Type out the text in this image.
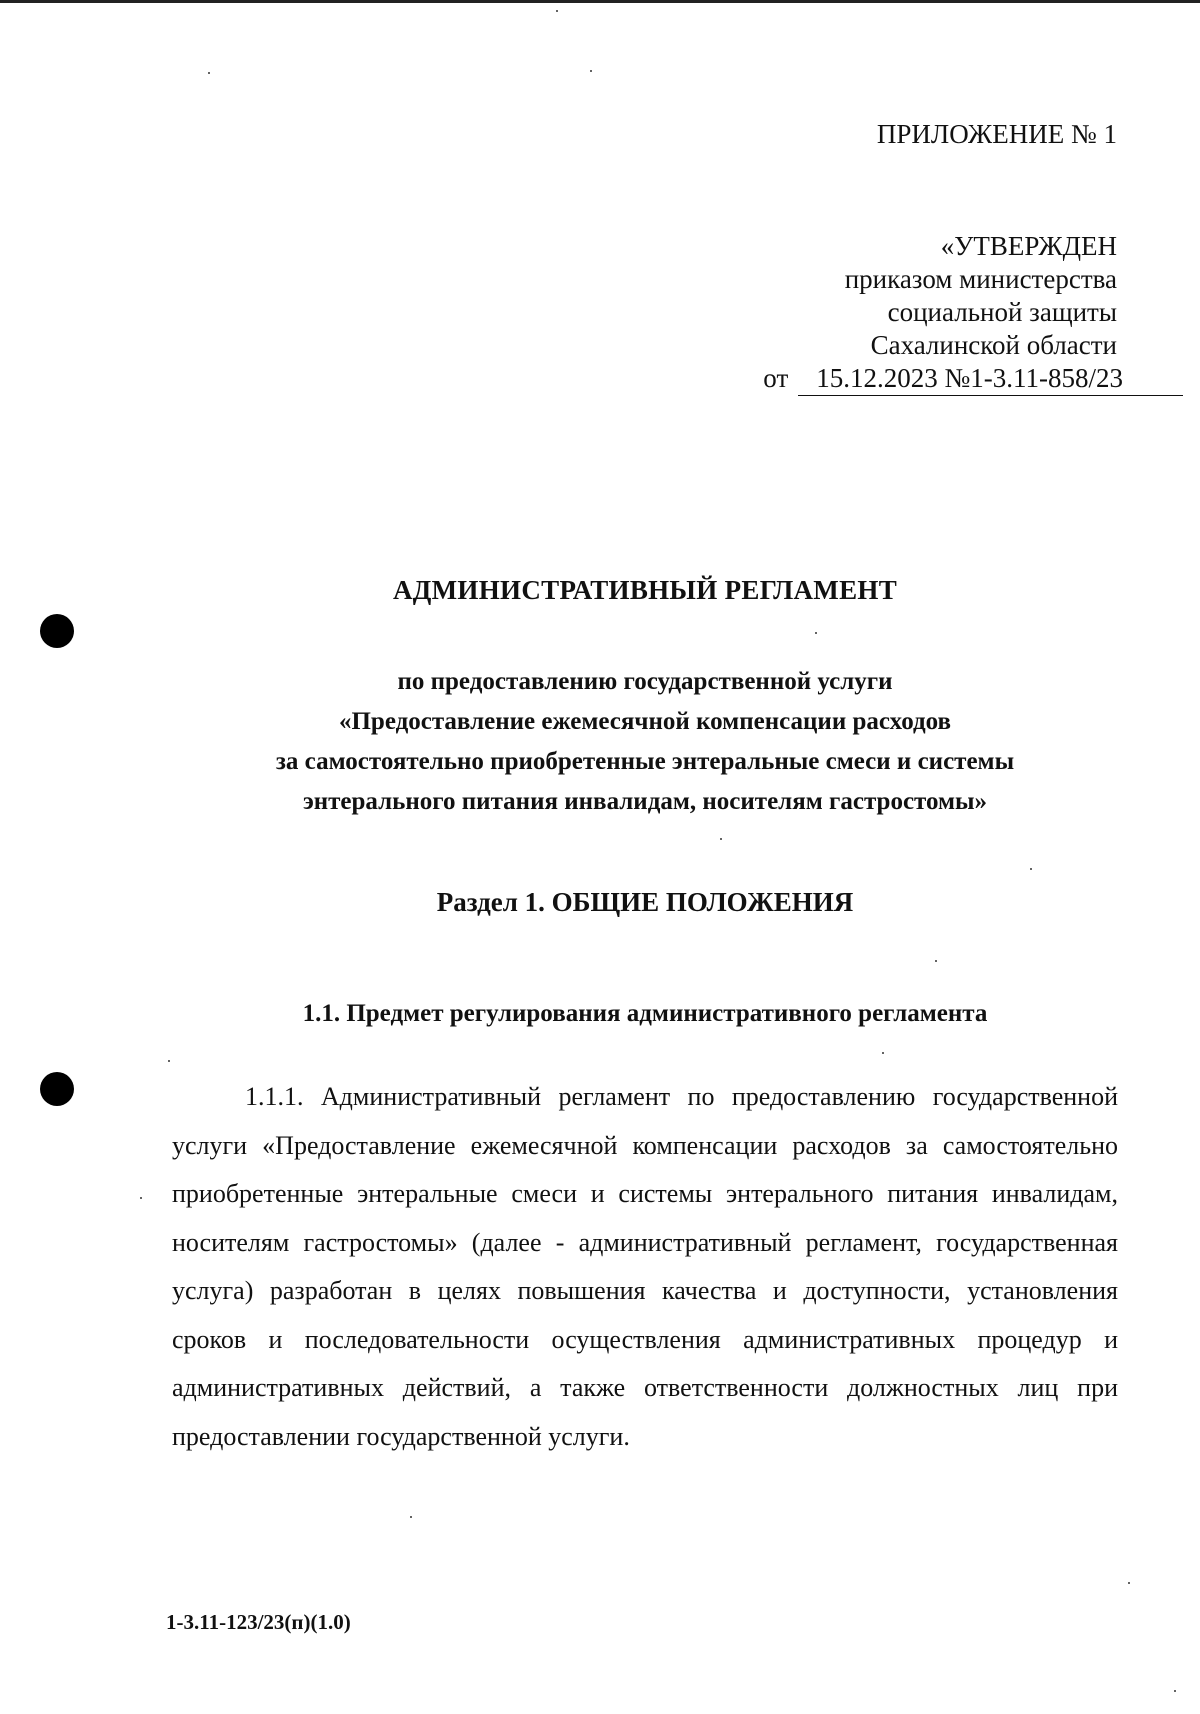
ПРИЛОЖЕНИЕ № 1
«УТВЕРЖДЕН
приказом министерства
социальной защиты
Сахалинской области
от 15.12.2023 №1-3.11-858/23
АДМИНИСТРАТИВНЫЙ РЕГЛАМЕНТ
по предоставлению государственной услуги
«Предоставление ежемесячной компенсации расходов
за самостоятельно приобретенные энтеральные смеси и системы
энтерального питания инвалидам, носителям гастростомы»
Раздел 1. ОБЩИЕ ПОЛОЖЕНИЯ
1.1. Предмет регулирования административного регламента
1.1.1. Административный регламент по предоставлению государственной услуги «Предоставление ежемесячной компенсации расходов за самостоятельно приобретенные энтеральные смеси и системы энтерального питания инвалидам, носителям гастростомы» (далее - административный регламент, государственная услуга) разработан в целях повышения качества и доступности, установления сроков и последовательности осуществления административных процедур и административных действий, а также ответственности должностных лиц при предоставлении государственной услуги.
1-3.11-123/23(п)(1.0)
